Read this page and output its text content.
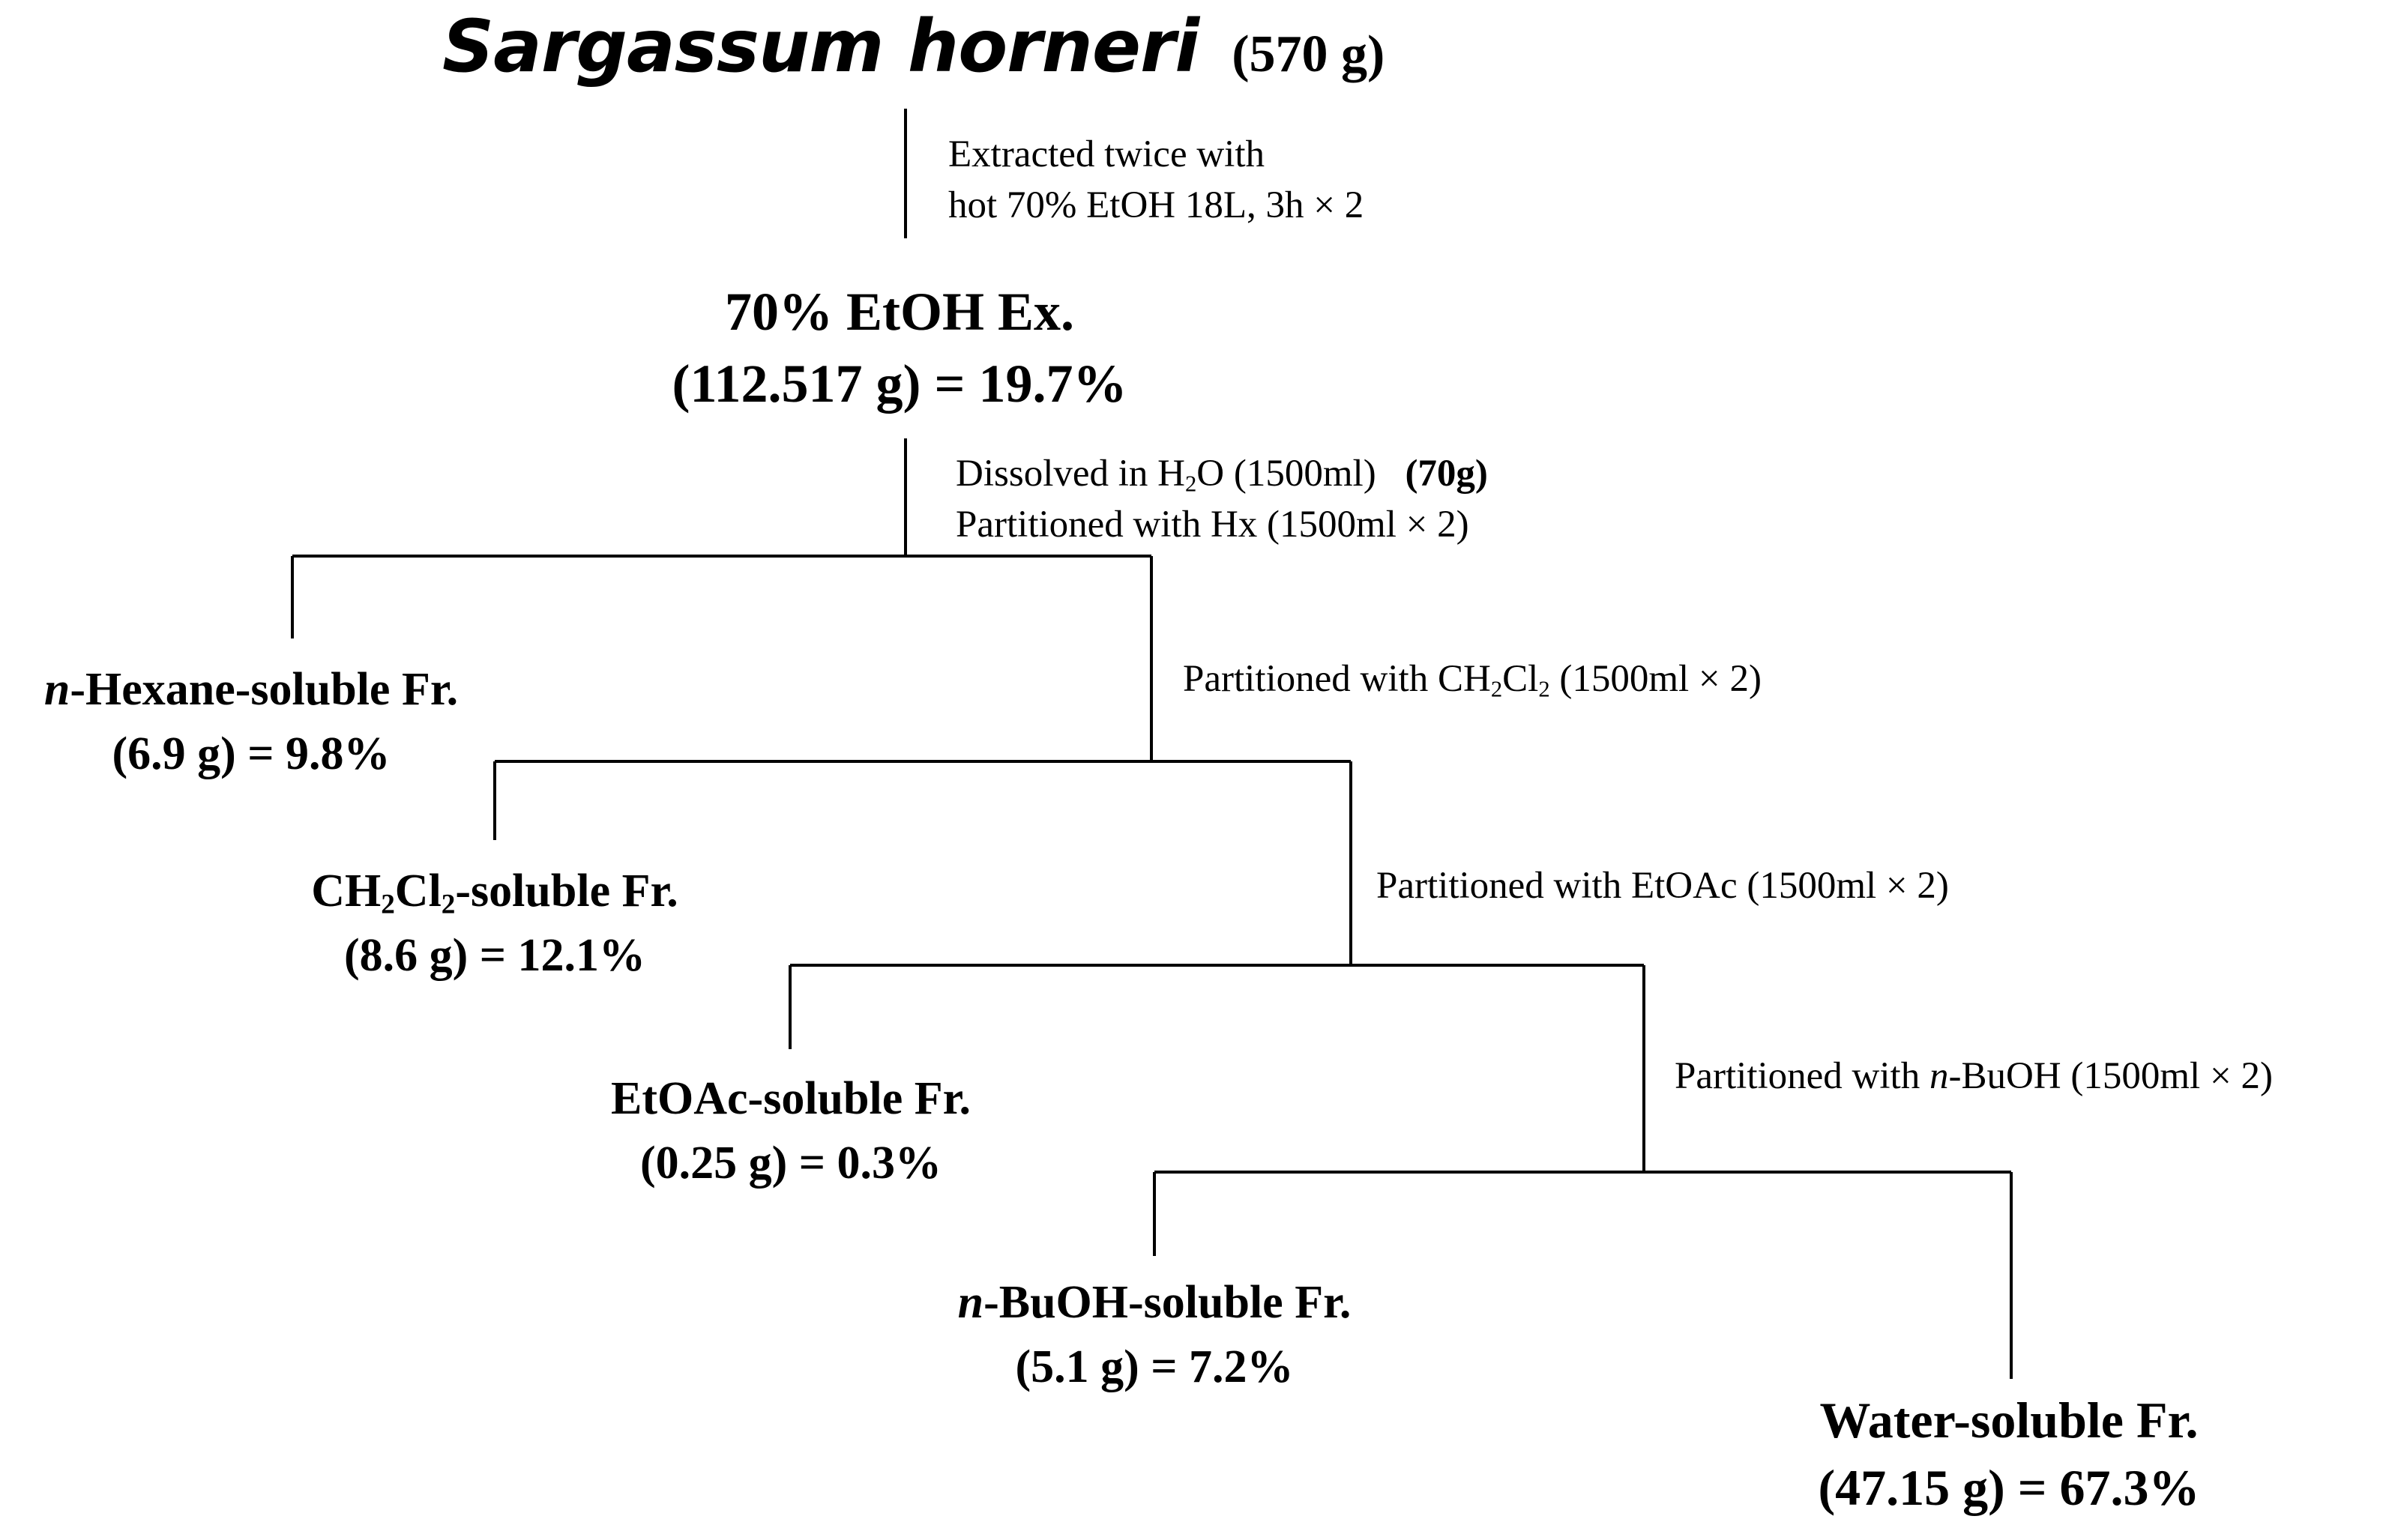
Sargassum horneri (570 g)
Extracted twice with
hot 70% EtOH 18L, 3h × 2
70% EtOH Ex.
(112.517 g) = 19.7%
Dissolved in $H_2O$ (1500ml) (70g)
Partitioned with Hx (1500ml × 2)
n-Hexane-soluble Fr.
(6.9 g) = 9.8%
Partitioned with $CH_2Cl_2$ (1500ml × 2)
$CH_2Cl_2$-soluble Fr.
(8.6 g) = 12.1%
Partitioned with EtOAc (1500ml × 2)
EtOAc-soluble Fr.
(0.25 g) = 0.3%
Partitioned with n-BuOH (1500ml × 2)
n-BuOH-soluble Fr.
(5.1 g) = 7.2%
Water-soluble Fr.
(47.15 g) = 67.3%
